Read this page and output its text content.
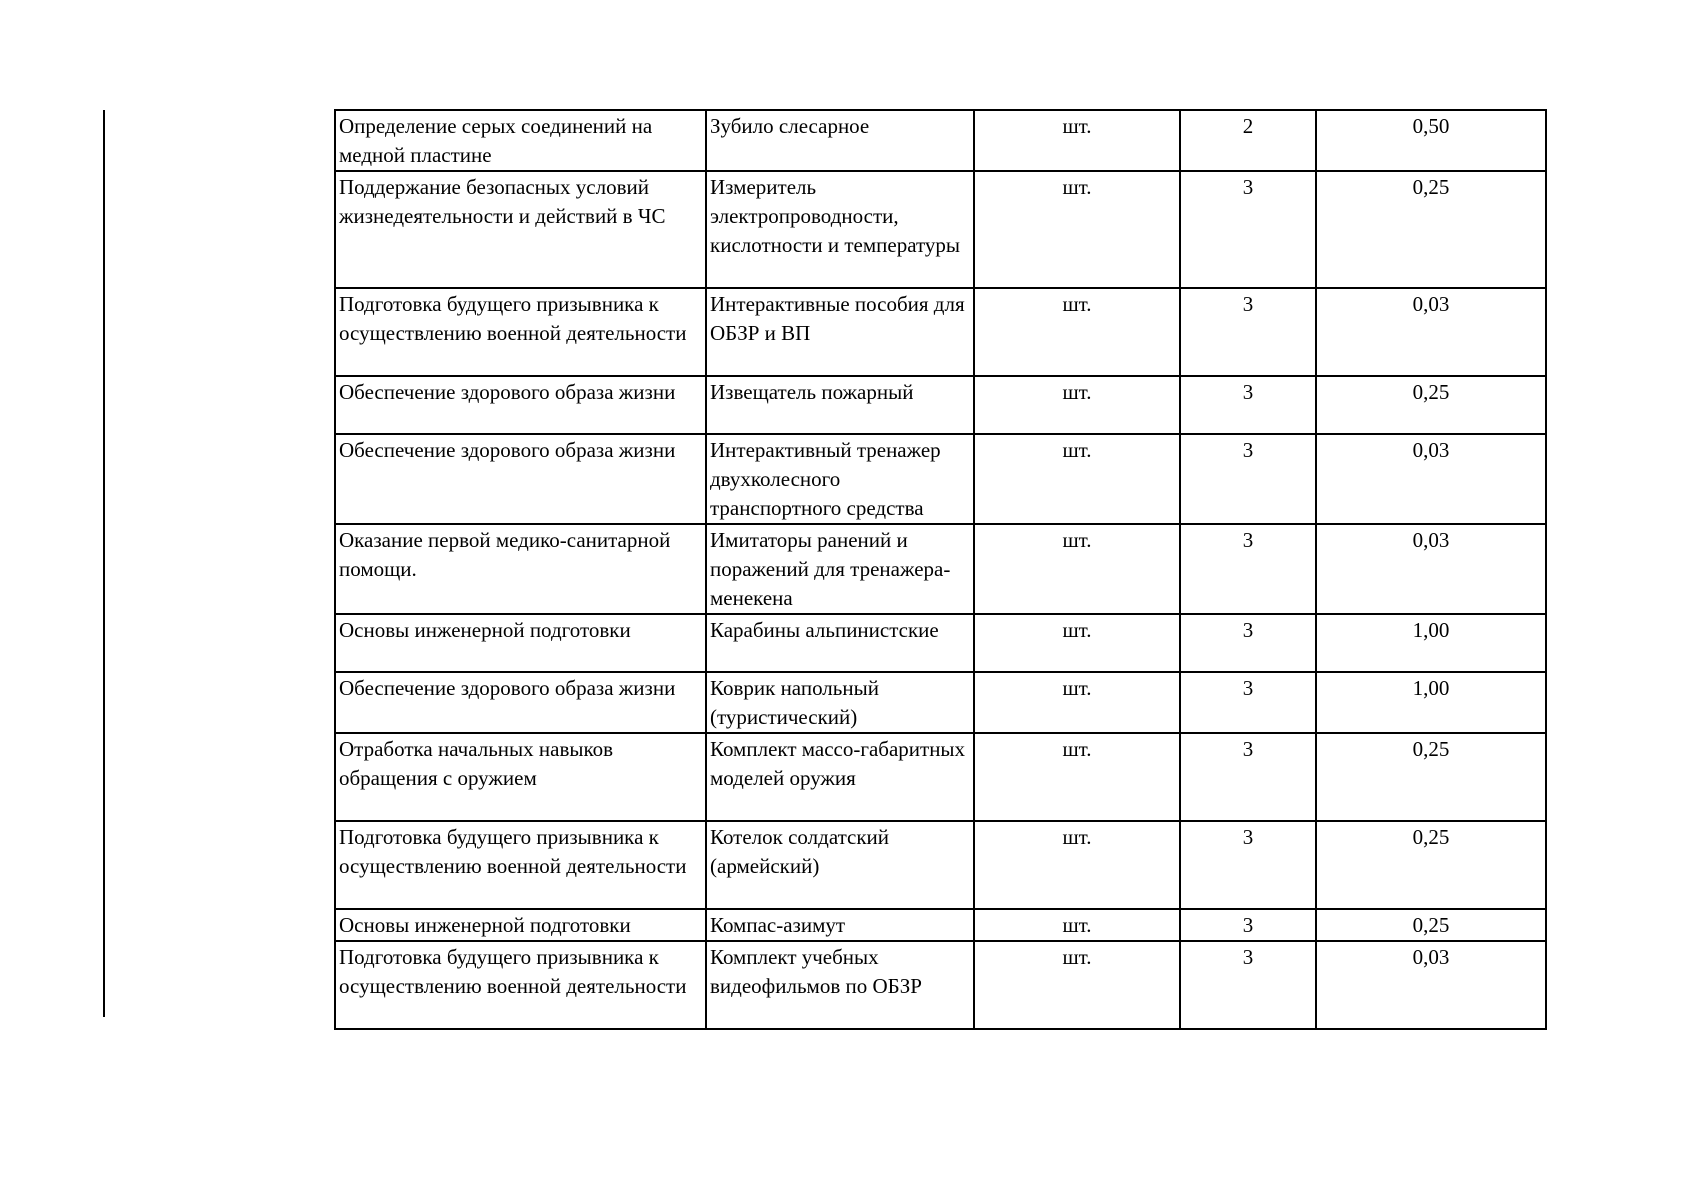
Определение серых соединений на медной пластине	Зубило слесарное	шт.	2	0,50
Поддержание безопасных условий жизнедеятельности и действий в ЧС	Измеритель электропроводности, кислотности и температуры	шт.	3	0,25
Подготовка будущего призывника к осуществлению военной деятельности	Интерактивные пособия для ОБЗР и ВП	шт.	3	0,03
Обеспечение здорового образа жизни	Извещатель пожарный	шт.	3	0,25
Обеспечение здорового образа жизни	Интерактивный тренажер двухколесного транспортного средства	шт.	3	0,03
Оказание первой медико-санитарной помощи.	Имитаторы ранений и поражений для тренажера-менекена	шт.	3	0,03
Основы инженерной подготовки	Карабины альпинистские	шт.	3	1,00
Обеспечение здорового образа жизни	Коврик напольный (туристический)	шт.	3	1,00
Отработка начальных навыков обращения с оружием	Комплект массо-габаритных моделей оружия	шт.	3	0,25
Подготовка будущего призывника к осуществлению военной деятельности	Котелок солдатский (армейский)	шт.	3	0,25
Основы инженерной подготовки	Компас-азимут	шт.	3	0,25
Подготовка будущего призывника к осуществлению военной деятельности	Комплект учебных видеофильмов по ОБЗР	шт.	3	0,03
